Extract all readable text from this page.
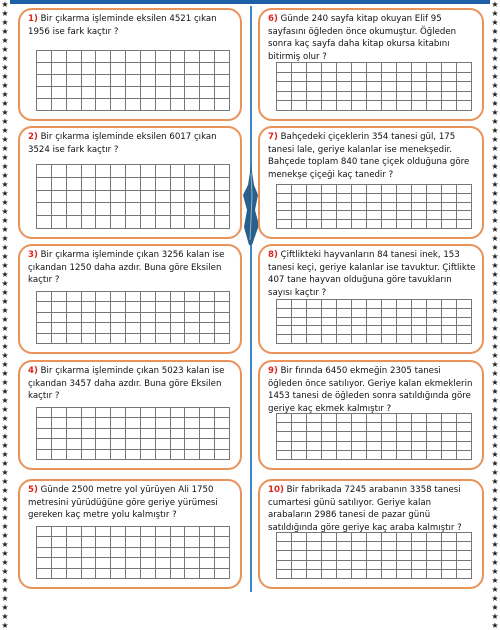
★
★
★
★
★
★
★
★
★
★
★
★
★
★
★
★
★
★
★
★
★
★
★
★
★
★
★
★
★
★
★
★
★
★
★
★
★
★
★
★
★
★
★
★
★
★
★
★
★
★
★
★
★
★
★
★
★
★
★
★
★
★
★
★
★
★
★
★
★
★
★
★
★
★
★
★
★
★
★
★
★
★
★
★
★
★
★
★
★
★
★
★
★
★
★
★
★
★
★
★
★
★
★
★
★
★
★
★
★
★
★
★
★
★
★
★
★
★
★
★
★
★
★
★
★
★
★
★
★
★
★
★
★
★
★
★
★
★
★
★

1) Bir çıkarma işleminde eksilen 4521 çıkan 1956 ise fark kaçtır ?

2) Bir çıkarma işleminde eksilen 6017 çıkan 3524 ise fark kaçtır ?

3) Bir çıkarma işleminde çıkan 3256 kalan ise çıkandan 1250 daha azdır. Buna göre Eksilen kaçtır ?

4) Bir çıkarma işleminde çıkan 5023 kalan ise çıkandan 3457 daha azdır. Buna göre Eksilen kaçtır ?

5) Günde 2500 metre yol yürüyen Ali 1750 metresini yürüdüğüne göre geriye yürümesi gereken kaç metre yolu kalmıştır ?

6) Günde 240 sayfa kitap okuyan Elif 95 sayfasını öğleden önce okumuştur. Öğleden sonra kaç sayfa daha kitap okursa kitabını bitirmiş olur ?

7) Bahçedeki çiçeklerin 354 tanesi gül, 175 tanesi lale, geriye kalanlar ise menekşedir. Bahçede toplam 840 tane çiçek olduğuna göre menekşe çiçeği kaç tanedir ?

8) Çiftlikteki hayvanların 84 tanesi inek, 153 tanesi keçi, geriye kalanlar ise tavuktur. Çiftlikte 407 tane hayvan olduğuna göre tavukların sayısı kaçtır ?

9) Bir fırında 6450 ekmeğin 2305 tanesi öğleden önce satılıyor. Geriye kalan ekmeklerin 1453 tanesi de öğleden sonra satıldığında göre geriye kaç ekmek kalmıştır ?

10) Bir fabrikada 7245 arabanın 3358 tanesi cumartesi günü satılıyor. Geriye kalan arabaların 2986 tanesi de pazar günü satıldığında göre geriye kaç araba kalmıştır ?
